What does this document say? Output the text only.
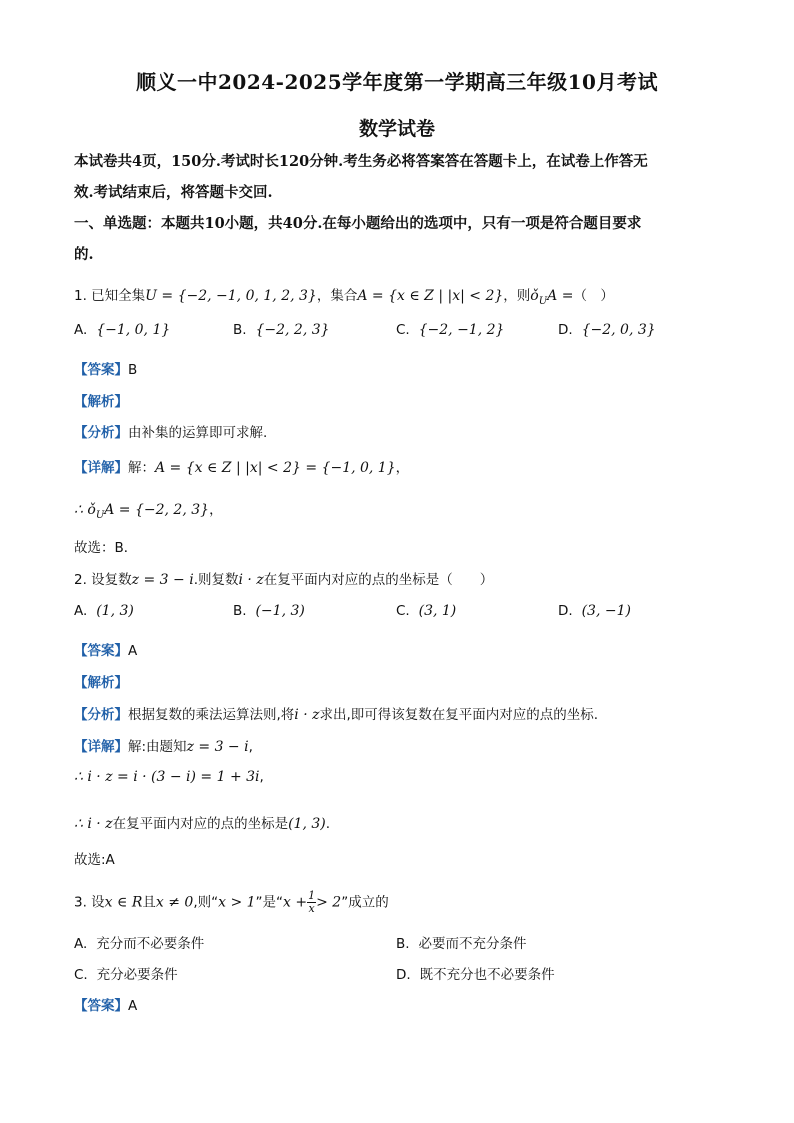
顺义一中2024-2025学年度第一学期高三年级10月考试
数学试卷
本试卷共4页，150分.考试时长120分钟.考生务必将答案答在答题卡上，在试卷上作答无
效.考试结束后，将答题卡交回.
一、单选题：本题共10小题，共40分.在每小题给出的选项中，只有一项是符合题目要求
的.
1. 已知全集U = {−2, −1, 0, 1, 2, 3}，集合A = {x ∈ Z | |x| < 2}，则$ǒ_UA$ =（　）
A. {−1, 0, 1}	B. {−2, 2, 3}	C. {−2, −1, 2}	D. {−2, 0, 3}
【答案】B
【解析】
【分析】由补集的运算即可求解.
【详解】解：A = {x ∈ Z | |x| < 2} = {−1, 0, 1}，
∴ $ǒ_UA = \{-2$, 2, 3}，
故选：B．
2. 设复数z = 3 − i.则复数i · z在复平面内对应的点的坐标是（　　）
A. (1, 3)	B. (−1, 3)	C. (3, 1)	D. (3, −1)
【答案】A
【解析】
【分析】根据复数的乘法运算法则,将i · z求出,即可得该复数在复平面内对应的点的坐标.
【详解】解:由题知z = 3 − i,
∴ i · z = i · (3 − i) = 1 + 3i,
∴ i · z在复平面内对应的点的坐标是(1, 3).
故选:A
3. 设x ∈ R且x ≠ 0,则“x > 1”是“$x + \frac{1}{x} > 2$”成立的
A. 充分而不必要条件	B. 必要而不充分条件
C. 充分必要条件	D. 既不充分也不必要条件
【答案】A
